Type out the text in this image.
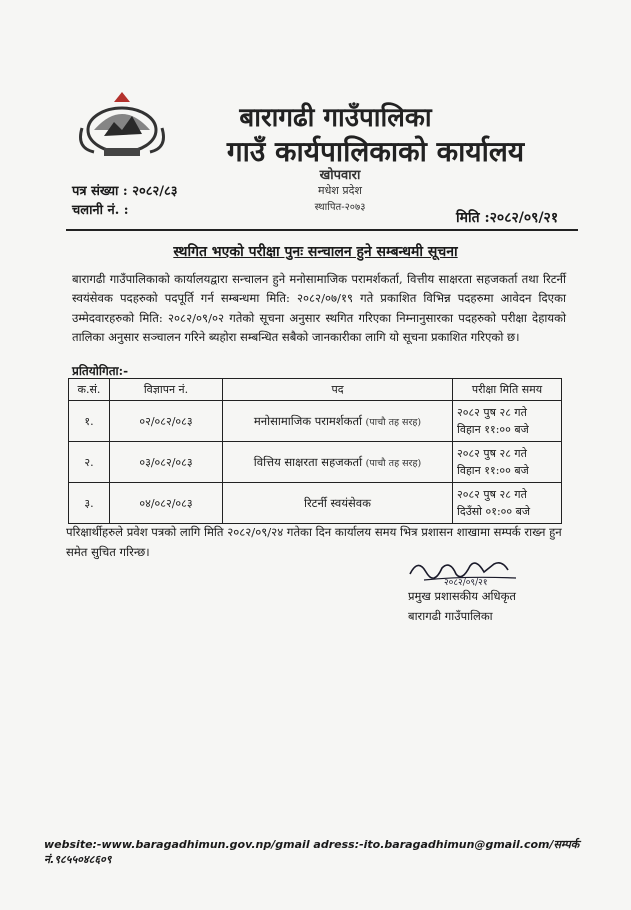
बारागढी गाउँपालिका
गाउँ कार्यपालिकाको कार्यालय
खोपवारा
मधेश प्रदेश
स्थापित-२०७३
पत्र संख्या : २०८२/८३
चलानी नं. :	मिति :२०८२/०९/२१
स्थगित भएको परीक्षा पुनः सन्चालन हुने सम्बन्धमी सूचना
बारागढी गाउँपालिकाको कार्यालयद्वारा सन्चालन हुने मनोसामाजिक परामर्शकर्ता, वित्तीय साक्षरता सहजकर्ता तथा रिटर्नी स्वयंसेवक पदहरुको पदपूर्ति गर्न सम्बन्धमा मिति: २०८२/०७/१९ गते प्रकाशित विभिन्न पदहरुमा आवेदन दिएका उम्मेदवारहरुको मिति: २०८२/०९/०२ गतेको सूचना अनुसार स्थगित गरिएका निम्नानुसारका पदहरुको परीक्षा देहायको तालिका अनुसार सञ्चालन गरिने ब्यहोरा सम्बन्धित सबैको जानकारीका लागि यो सूचना प्रकाशित गरिएको छ।
प्रतियोगिता:-
क.सं.	विज्ञापन नं.	पद	परीक्षा मिति समय
१.	०२/०८२/०८३	मनोसामाजिक परामर्शकर्ता (पाचौ तह सरह)	२०८२ पुष २८ गते
विहान ११:०० बजे

२.	०३/०८२/०८३	वित्तिय साक्षरता सहजकर्ता (पाचौ तह सरह)	२०८२ पुष २८ गते
विहान ११:०० बजे

३.	०४/०८२/०८३	रिटर्नी स्वयंसेवक	२०८२ पुष २८ गते
दिउँसो ०१:०० बजे
परिक्षार्थीहरुले प्रवेश पत्रको लागि मिति २०८२/०९/२४ गतेका दिन कार्यालय समय भित्र प्रशासन शाखामा सम्पर्क राख्न हुन समेत सुचित गरिन्छ।
२०८२/०९/२१
प्रमुख प्रशासकीय अधिकृत
बारागढी गाउँपालिका
website:-www.baragadhimun.gov.np/gmail adress:-ito.baragadhimun@gmail.com/सम्पर्क नं.९८५५०४८६०९
